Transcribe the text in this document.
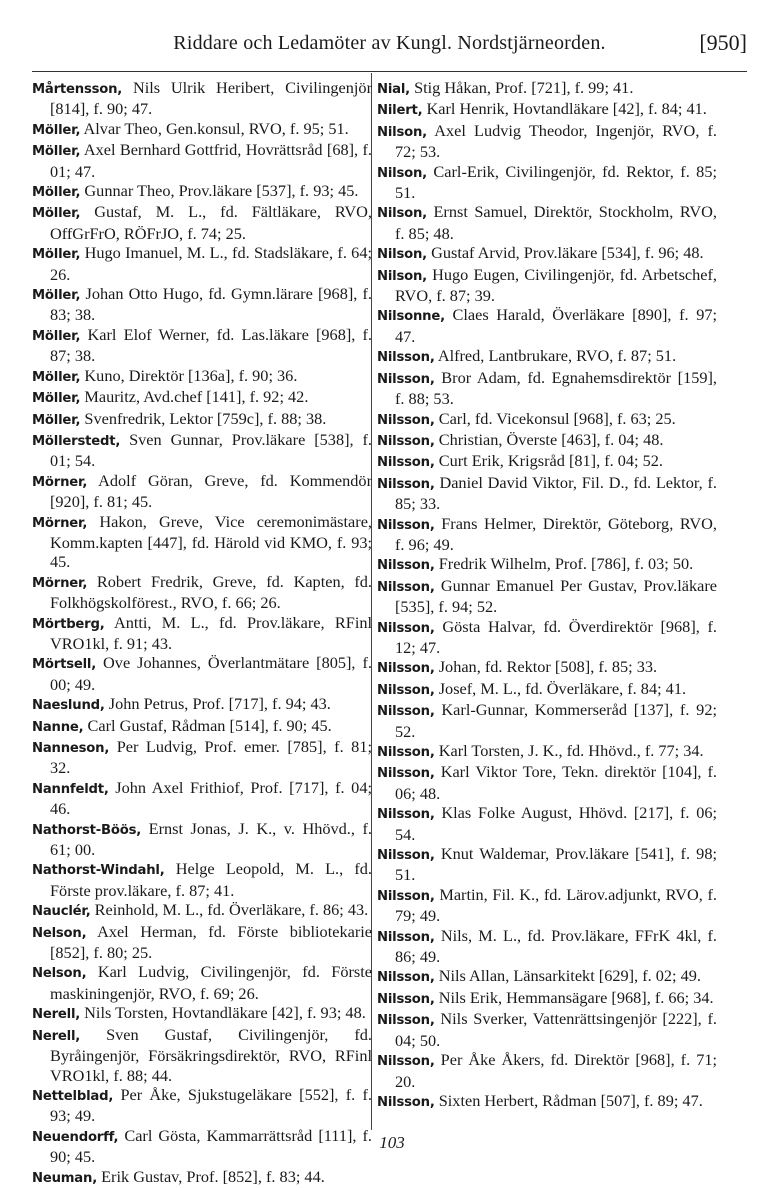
Riddare och Ledamöter av Kungl. Nordstjärneorden.	[950]

Mårtensson, Nils Ulrik Heribert, Civilingenjör [814], f. 90; 47.

Möller, Alvar Theo, Gen.konsul, RVO, f. 95; 51.

Möller, Axel Bernhard Gottfrid, Hovrättsråd [68], f. 01; 47.

Möller, Gunnar Theo, Prov.läkare [537], f. 93; 45.

Möller, Gustaf, M. L., fd. Fältläkare, RVO, OffGrFrO, RÖFrJO, f. 74; 25.

Möller, Hugo Imanuel, M. L., fd. Stadsläkare, f. 64; 26.

Möller, Johan Otto Hugo, fd. Gymn.lärare [968], f. 83; 38.

Möller, Karl Elof Werner, fd. Las.läkare [968], f. 87; 38.

Möller, Kuno, Direktör [136a], f. 90; 36.

Möller, Mauritz, Avd.chef [141], f. 92; 42.

Möller, Svenfredrik, Lektor [759c], f. 88; 38.

Möllerstedt, Sven Gunnar, Prov.läkare [538], f. 01; 54.

Mörner, Adolf Göran, Greve, fd. Kommendör [920], f. 81; 45.

Mörner, Hakon, Greve, Vice ceremonimästare, Komm.kapten [447], fd. Härold vid KMO, f. 93; 45.

Mörner, Robert Fredrik, Greve, fd. Kapten, fd. Folkhögskolförest., RVO, f. 66; 26.

Mörtberg, Antti, M. L., fd. Prov.läkare, RFinl VRO1kl, f. 91; 43.

Mörtsell, Ove Johannes, Överlantmätare [805], f. 00; 49.

Naeslund, John Petrus, Prof. [717], f. 94; 43.

Nanne, Carl Gustaf, Rådman [514], f. 90; 45.

Nanneson, Per Ludvig, Prof. emer. [785], f. 81; 32.

Nannfeldt, John Axel Frithiof, Prof. [717], f. 04; 46.

Nathorst-Böös, Ernst Jonas, J. K., v. Hhövd., f. 61; 00.

Nathorst-Windahl, Helge Leopold, M. L., fd. Förste prov.läkare, f. 87; 41.

Nauclér, Reinhold, M. L., fd. Överläkare, f. 86; 43.

Nelson, Axel Herman, fd. Förste bibliotekarie [852], f. 80; 25.

Nelson, Karl Ludvig, Civilingenjör, fd. Förste maskiningenjör, RVO, f. 69; 26.

Nerell, Nils Torsten, Hovtandläkare [42], f. 93; 48.

Nerell, Sven Gustaf, Civilingenjör, fd. Byråingenjör, Försäkringsdirektör, RVO, RFinl VRO1kl, f. 88; 44.

Nettelblad, Per Åke, Sjukstugeläkare [552], f. f. 93; 49.

Neuendorff, Carl Gösta, Kammarrättsråd [111], f. 90; 45.

Neuman, Erik Gustav, Prof. [852], f. 83; 44.

Nial, Stig Håkan, Prof. [721], f. 99; 41.

Nilert, Karl Henrik, Hovtandläkare [42], f. 84; 41.

Nilson, Axel Ludvig Theodor, Ingenjör, RVO, f. 72; 53.

Nilson, Carl-Erik, Civilingenjör, fd. Rektor, f. 85; 51.

Nilson, Ernst Samuel, Direktör, Stockholm, RVO, f. 85; 48.

Nilson, Gustaf Arvid, Prov.läkare [534], f. 96; 48.

Nilson, Hugo Eugen, Civilingenjör, fd. Arbetschef, RVO, f. 87; 39.

Nilsonne, Claes Harald, Överläkare [890], f. 97; 47.

Nilsson, Alfred, Lantbrukare, RVO, f. 87; 51.

Nilsson, Bror Adam, fd. Egnahemsdirektör [159], f. 88; 53.

Nilsson, Carl, fd. Vicekonsul [968], f. 63; 25.

Nilsson, Christian, Överste [463], f. 04; 48.

Nilsson, Curt Erik, Krigsråd [81], f. 04; 52.

Nilsson, Daniel David Viktor, Fil. D., fd. Lektor, f. 85; 33.

Nilsson, Frans Helmer, Direktör, Göteborg, RVO, f. 96; 49.

Nilsson, Fredrik Wilhelm, Prof. [786], f. 03; 50.

Nilsson, Gunnar Emanuel Per Gustav, Prov.läkare [535], f. 94; 52.

Nilsson, Gösta Halvar, fd. Överdirektör [968], f. 12; 47.

Nilsson, Johan, fd. Rektor [508], f. 85; 33.

Nilsson, Josef, M. L., fd. Överläkare, f. 84; 41.

Nilsson, Karl-Gunnar, Kommerseråd [137], f. 92; 52.

Nilsson, Karl Torsten, J. K., fd. Hhövd., f. 77; 34.

Nilsson, Karl Viktor Tore, Tekn. direktör [104], f. 06; 48.

Nilsson, Klas Folke August, Hhövd. [217], f. 06; 54.

Nilsson, Knut Waldemar, Prov.läkare [541], f. 98; 51.

Nilsson, Martin, Fil. K., fd. Lärov.adjunkt, RVO, f. 79; 49.

Nilsson, Nils, M. L., fd. Prov.läkare, FFrK 4kl, f. 86; 49.

Nilsson, Nils Allan, Länsarkitekt [629], f. 02; 49.

Nilsson, Nils Erik, Hemmansägare [968], f. 66; 34.

Nilsson, Nils Sverker, Vattenrättsingenjör [222], f. 04; 50.

Nilsson, Per Åke Åkers, fd. Direktör [968], f. 71; 20.

Nilsson, Sixten Herbert, Rådman [507], f. 89; 47.

103
